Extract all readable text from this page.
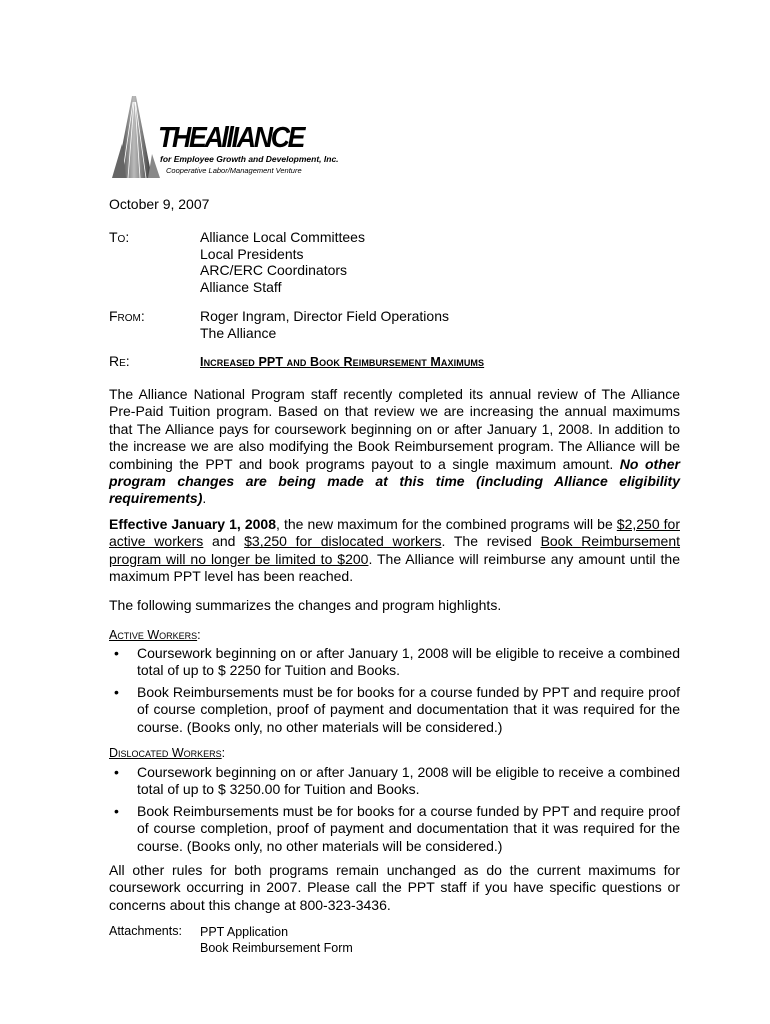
THEAllIANCE
for Employee Growth and Development, Inc.
Cooperative Labor/Management Venture
October 9, 2007
To:	Alliance Local Committees
Local Presidents
ARC/ERC Coordinators
Alliance Staff
From:	Roger Ingram, Director Field Operations
The Alliance
Re:	Increased PPT and Book Reimbursement Maximums
The Alliance National Program staff recently completed its annual review of The Alliance Pre-Paid Tuition program. Based on that review we are increasing the annual maximums that The Alliance pays for coursework beginning on or after January 1, 2008. In addition to the increase we are also modifying the Book Reimbursement program. The Alliance will be combining the PPT and book programs payout to a single maximum amount. No other program changes are being made at this time (including Alliance eligibility requirements).
Effective January 1, 2008, the new maximum for the combined programs will be $2,250 for active workers and $3,250 for dislocated workers. The revised Book Reimbursement program will no longer be limited to $200. The Alliance will reimburse any amount until the maximum PPT level has been reached.
The following summarizes the changes and program highlights.
Active Workers:
• Coursework beginning on or after January 1, 2008 will be eligible to receive a combined total of up to $ 2250 for Tuition and Books.
• Book Reimbursements must be for books for a course funded by PPT and require proof of course completion, proof of payment and documentation that it was required for the course. (Books only, no other materials will be considered.)
Dislocated Workers:
• Coursework beginning on or after January 1, 2008 will be eligible to receive a combined total of up to $ 3250.00 for Tuition and Books.
• Book Reimbursements must be for books for a course funded by PPT and require proof of course completion, proof of payment and documentation that it was required for the course. (Books only, no other materials will be considered.)
All other rules for both programs remain unchanged as do the current maximums for coursework occurring in 2007. Please call the PPT staff if you have specific questions or concerns about this change at 800-323-3436.
Attachments: PPT Application
Book Reimbursement Form
